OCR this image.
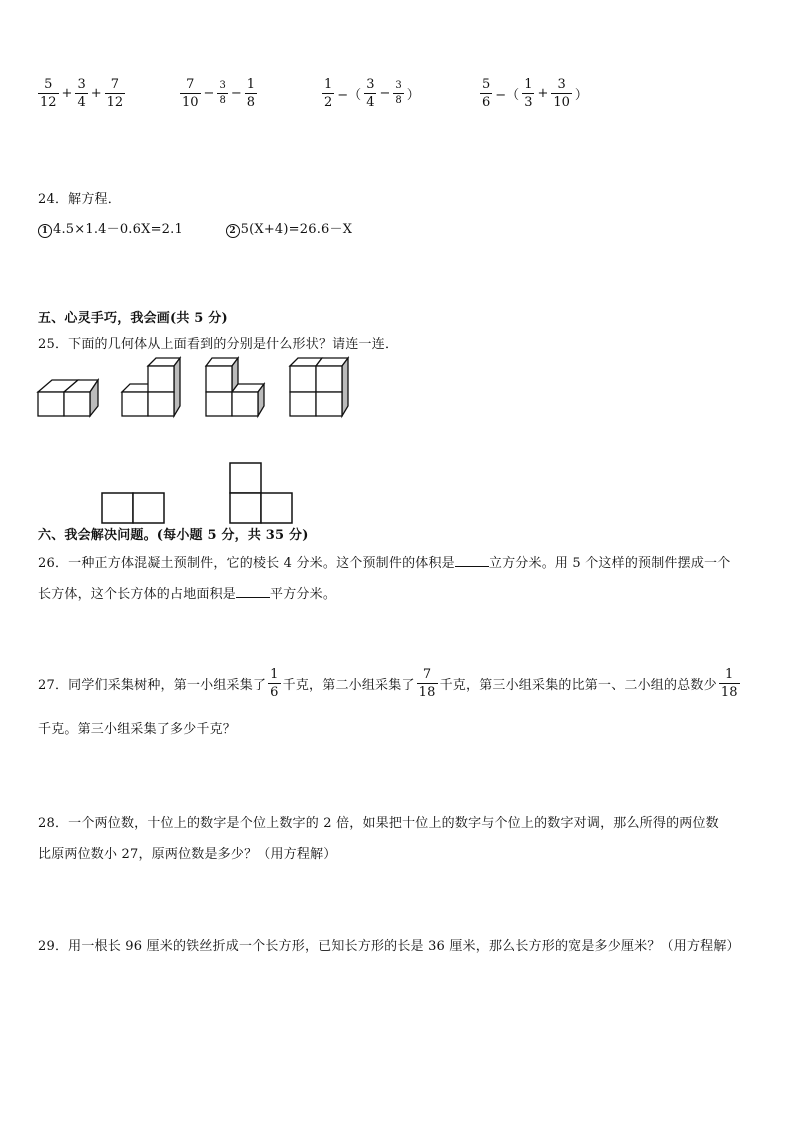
$\frac{5}{12} + \frac{3}{4} + \frac{7}{12}$	$\frac{7}{10} - \frac{3}{8} - \frac{1}{8}$	$\frac{1}{2}$ −（ $\frac{3}{4} - \frac{3}{8}$ ）	$\frac{5}{6}$ −（ $\frac{1}{3} + \frac{3}{10}$ ）
24．解方程．
1 4.5×1.4－0.6X=2.1	2 5(X+4)=26.6－X
五、心灵手巧，我会画(共 5 分)
25．下面的几何体从上面看到的分别是什么形状？请连一连．
六、我会解决问题。(每小题 5 分，共 35 分)
26．一种正方体混凝土预制件，它的棱长 4 分米。这个预制件的体积是	立方分米。用 5 个这样的预制件摆成一个
长方体，这个长方体的占地面积是	平方分米。
27．同学们采集树种，第一小组采集了 $\frac{1}{6}$ 千克，第二小组采集了 $\frac{7}{18}$ 千克，第三小组采集的比第一、二小组的总数少 $\frac{1}{18}$
千克。第三小组采集了多少千克？
28．一个两位数，十位上的数字是个位上数字的 2 倍，如果把十位上的数字与个位上的数字对调，那么所得的两位数
比原两位数小 27，原两位数是多少？（用方程解）
29．用一根长 96 厘米的铁丝折成一个长方形，已知长方形的长是 36 厘米，那么长方形的宽是多少厘米？（用方程解）
